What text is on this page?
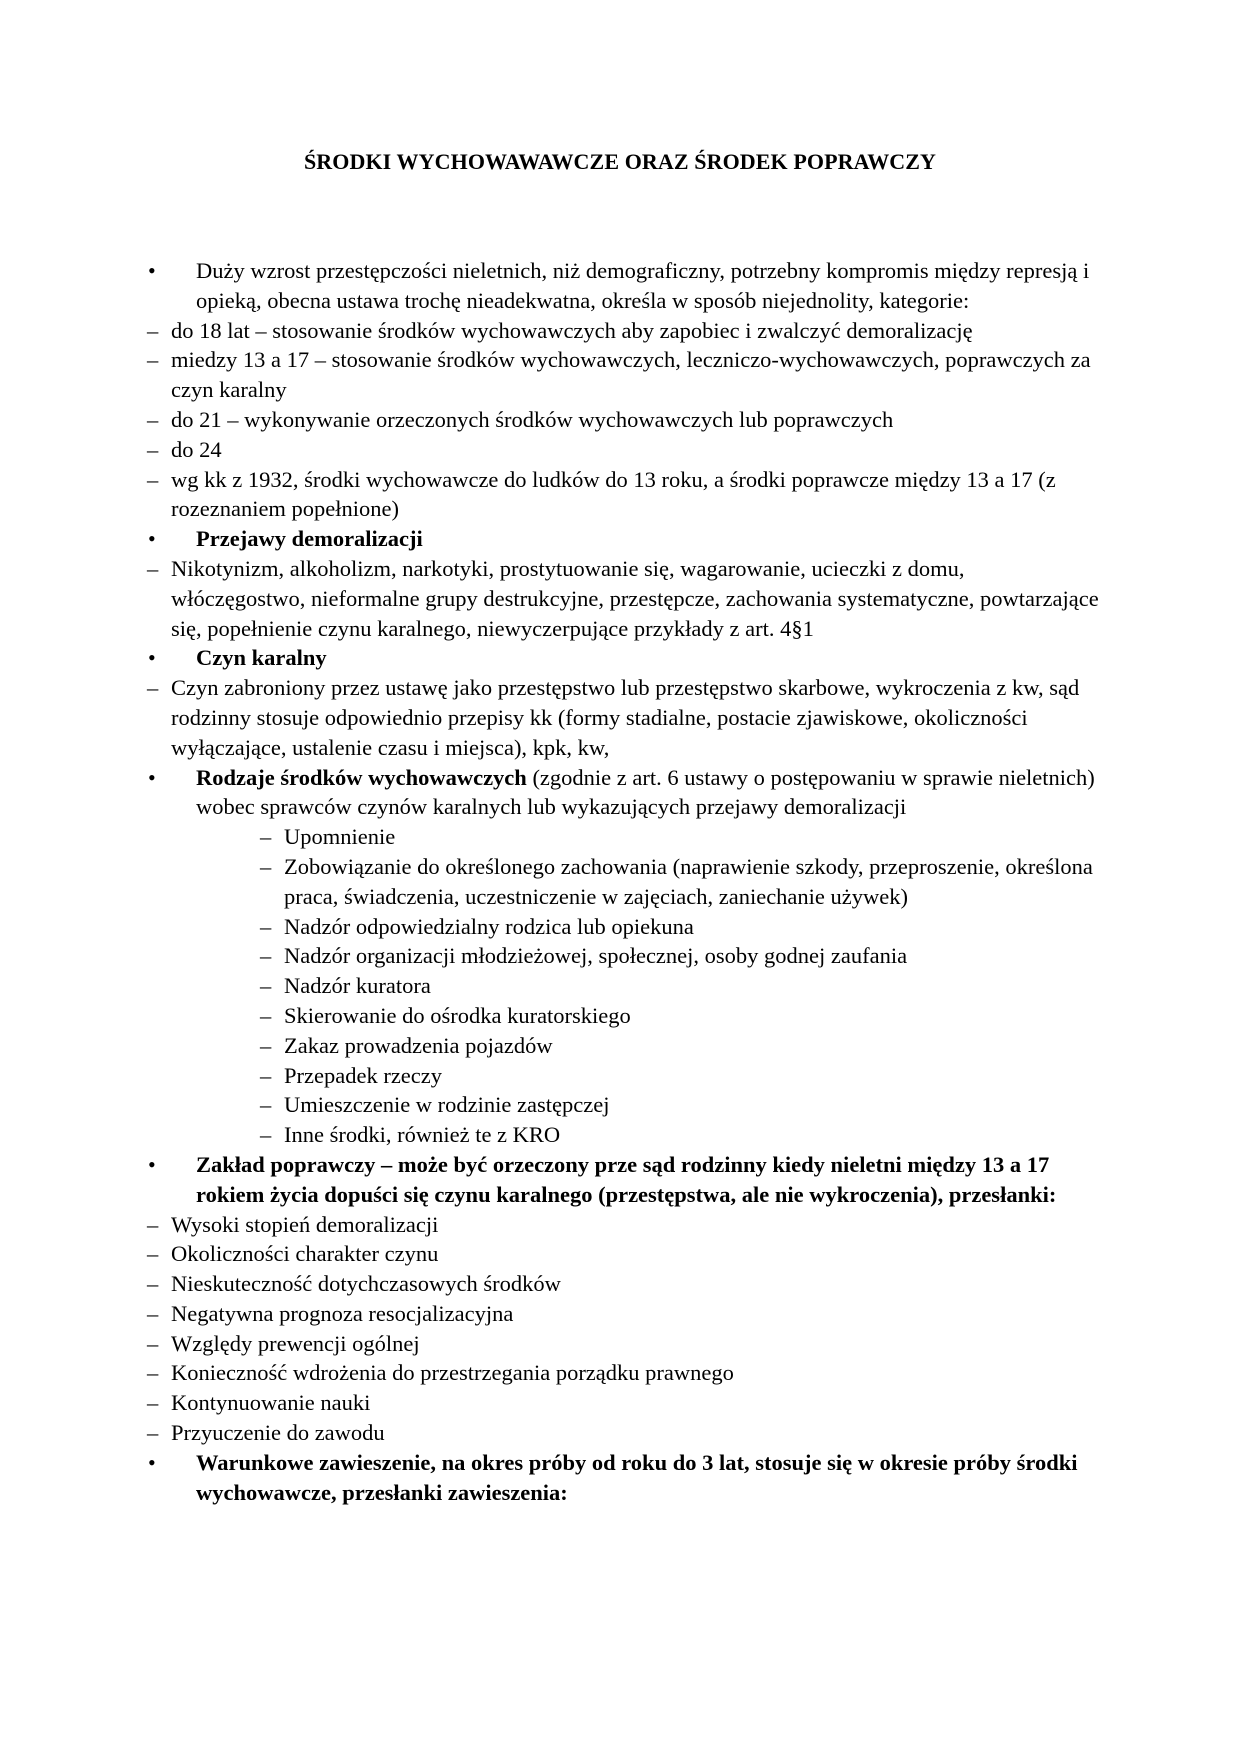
ŚRODKI WYCHOWAWAWCZE ORAZ ŚRODEK POPRAWCZY
• Duży wzrost przestępczości nieletnich, niż demograficzny, potrzebny kompromis między represją i opieką, obecna ustawa trochę nieadekwatna, określa w sposób niejednolity, kategorie:
– do 18 lat – stosowanie środków wychowawczych aby zapobiec i zwalczyć demoralizację
– miedzy 13 a 17 – stosowanie środków wychowawczych, leczniczo-wychowawczych, poprawczych za czyn karalny
– do 21 – wykonywanie orzeczonych środków wychowawczych lub poprawczych
– do 24
– wg kk z 1932, środki wychowawcze do ludków do 13 roku, a środki poprawcze między 13 a 17 (z rozeznaniem popełnione)
• Przejawy demoralizacji
– Nikotynizm, alkoholizm, narkotyki, prostytuowanie się, wagarowanie, ucieczki z domu, włóczęgostwo, nieformalne grupy destrukcyjne, przestępcze, zachowania systematyczne, powtarzające się, popełnienie czynu karalnego, niewyczerpujące przykłady z art. 4§1
• Czyn karalny
– Czyn zabroniony przez ustawę jako przestępstwo lub przestępstwo skarbowe, wykroczenia z kw, sąd rodzinny stosuje odpowiednio przepisy kk (formy stadialne, postacie zjawiskowe, okoliczności wyłączające, ustalenie czasu i miejsca), kpk, kw,
• Rodzaje środków wychowawczych (zgodnie z art. 6 ustawy o postępowaniu w sprawie nieletnich) wobec sprawców czynów karalnych lub wykazujących przejawy demoralizacji
– Upomnienie
– Zobowiązanie do określonego zachowania (naprawienie szkody, przeproszenie, określona praca, świadczenia, uczestniczenie w zajęciach, zaniechanie używek)
– Nadzór odpowiedzialny rodzica lub opiekuna
– Nadzór organizacji młodzieżowej, społecznej, osoby godnej zaufania
– Nadzór kuratora
– Skierowanie do ośrodka kuratorskiego
– Zakaz prowadzenia pojazdów
– Przepadek rzeczy
– Umieszczenie w rodzinie zastępczej
– Inne środki, również te z KRO
• Zakład poprawczy – może być orzeczony prze sąd rodzinny kiedy nieletni między 13 a 17 rokiem życia dopuści się czynu karalnego (przestępstwa, ale nie wykroczenia), przesłanki:
– Wysoki stopień demoralizacji
– Okoliczności charakter czynu
– Nieskuteczność dotychczasowych środków
– Negatywna prognoza resocjalizacyjna
– Względy prewencji ogólnej
– Konieczność wdrożenia do przestrzegania porządku prawnego
– Kontynuowanie nauki
– Przyuczenie do zawodu
• Warunkowe zawieszenie, na okres próby od roku do 3 lat, stosuje się w okresie próby środki wychowawcze, przesłanki zawieszenia:
